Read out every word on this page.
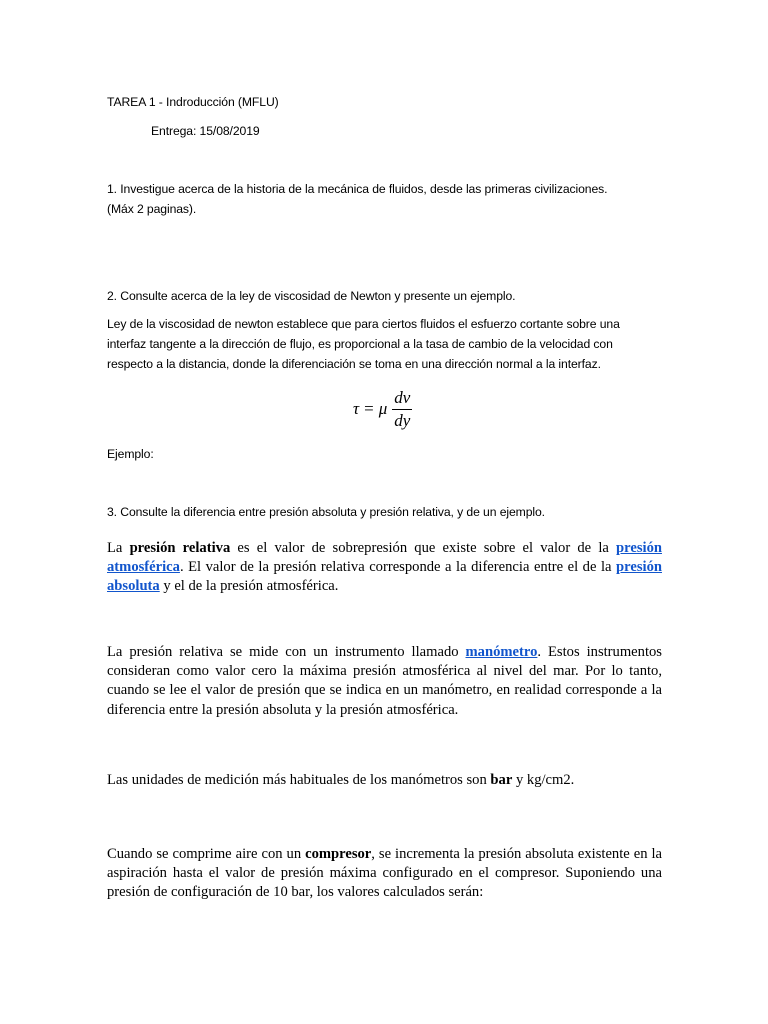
TAREA 1 - Indroducción (MFLU)

Entrega: 15/08/2019

1. Investigue acerca de la historia de la mecánica de fluidos, desde las primeras civilizaciones. (Máx 2 paginas).

2. Consulte acerca de la ley de viscosidad de Newton y presente un ejemplo.

Ley de la viscosidad de newton establece que para ciertos fluidos el esfuerzo cortante sobre una interfaz tangente a la dirección de flujo, es proporcional a la tasa de cambio de la velocidad con respecto a la distancia, donde la diferenciación se toma en una dirección normal a la interfaz.

τ = μ $\frac{dv}{dy}$

Ejemplo:

3. Consulte la diferencia entre presión absoluta y presión relativa, y de un ejemplo.

La presión relativa es el valor de sobrepresión que existe sobre el valor de la presión atmosférica. El valor de la presión relativa corresponde a la diferencia entre el de la presión absoluta y el de la presión atmosférica.

La presión relativa se mide con un instrumento llamado manómetro. Estos instrumentos consideran como valor cero la máxima presión atmosférica al nivel del mar. Por lo tanto, cuando se lee el valor de presión que se indica en un manómetro, en realidad corresponde a la diferencia entre la presión absoluta y la presión atmosférica.

Las unidades de medición más habituales de los manómetros son bar y kg/cm2.

Cuando se comprime aire con un compresor, se incrementa la presión absoluta existente en la aspiración hasta el valor de presión máxima configurado en el compresor. Suponiendo una presión de configuración de 10 bar, los valores calculados serán:
